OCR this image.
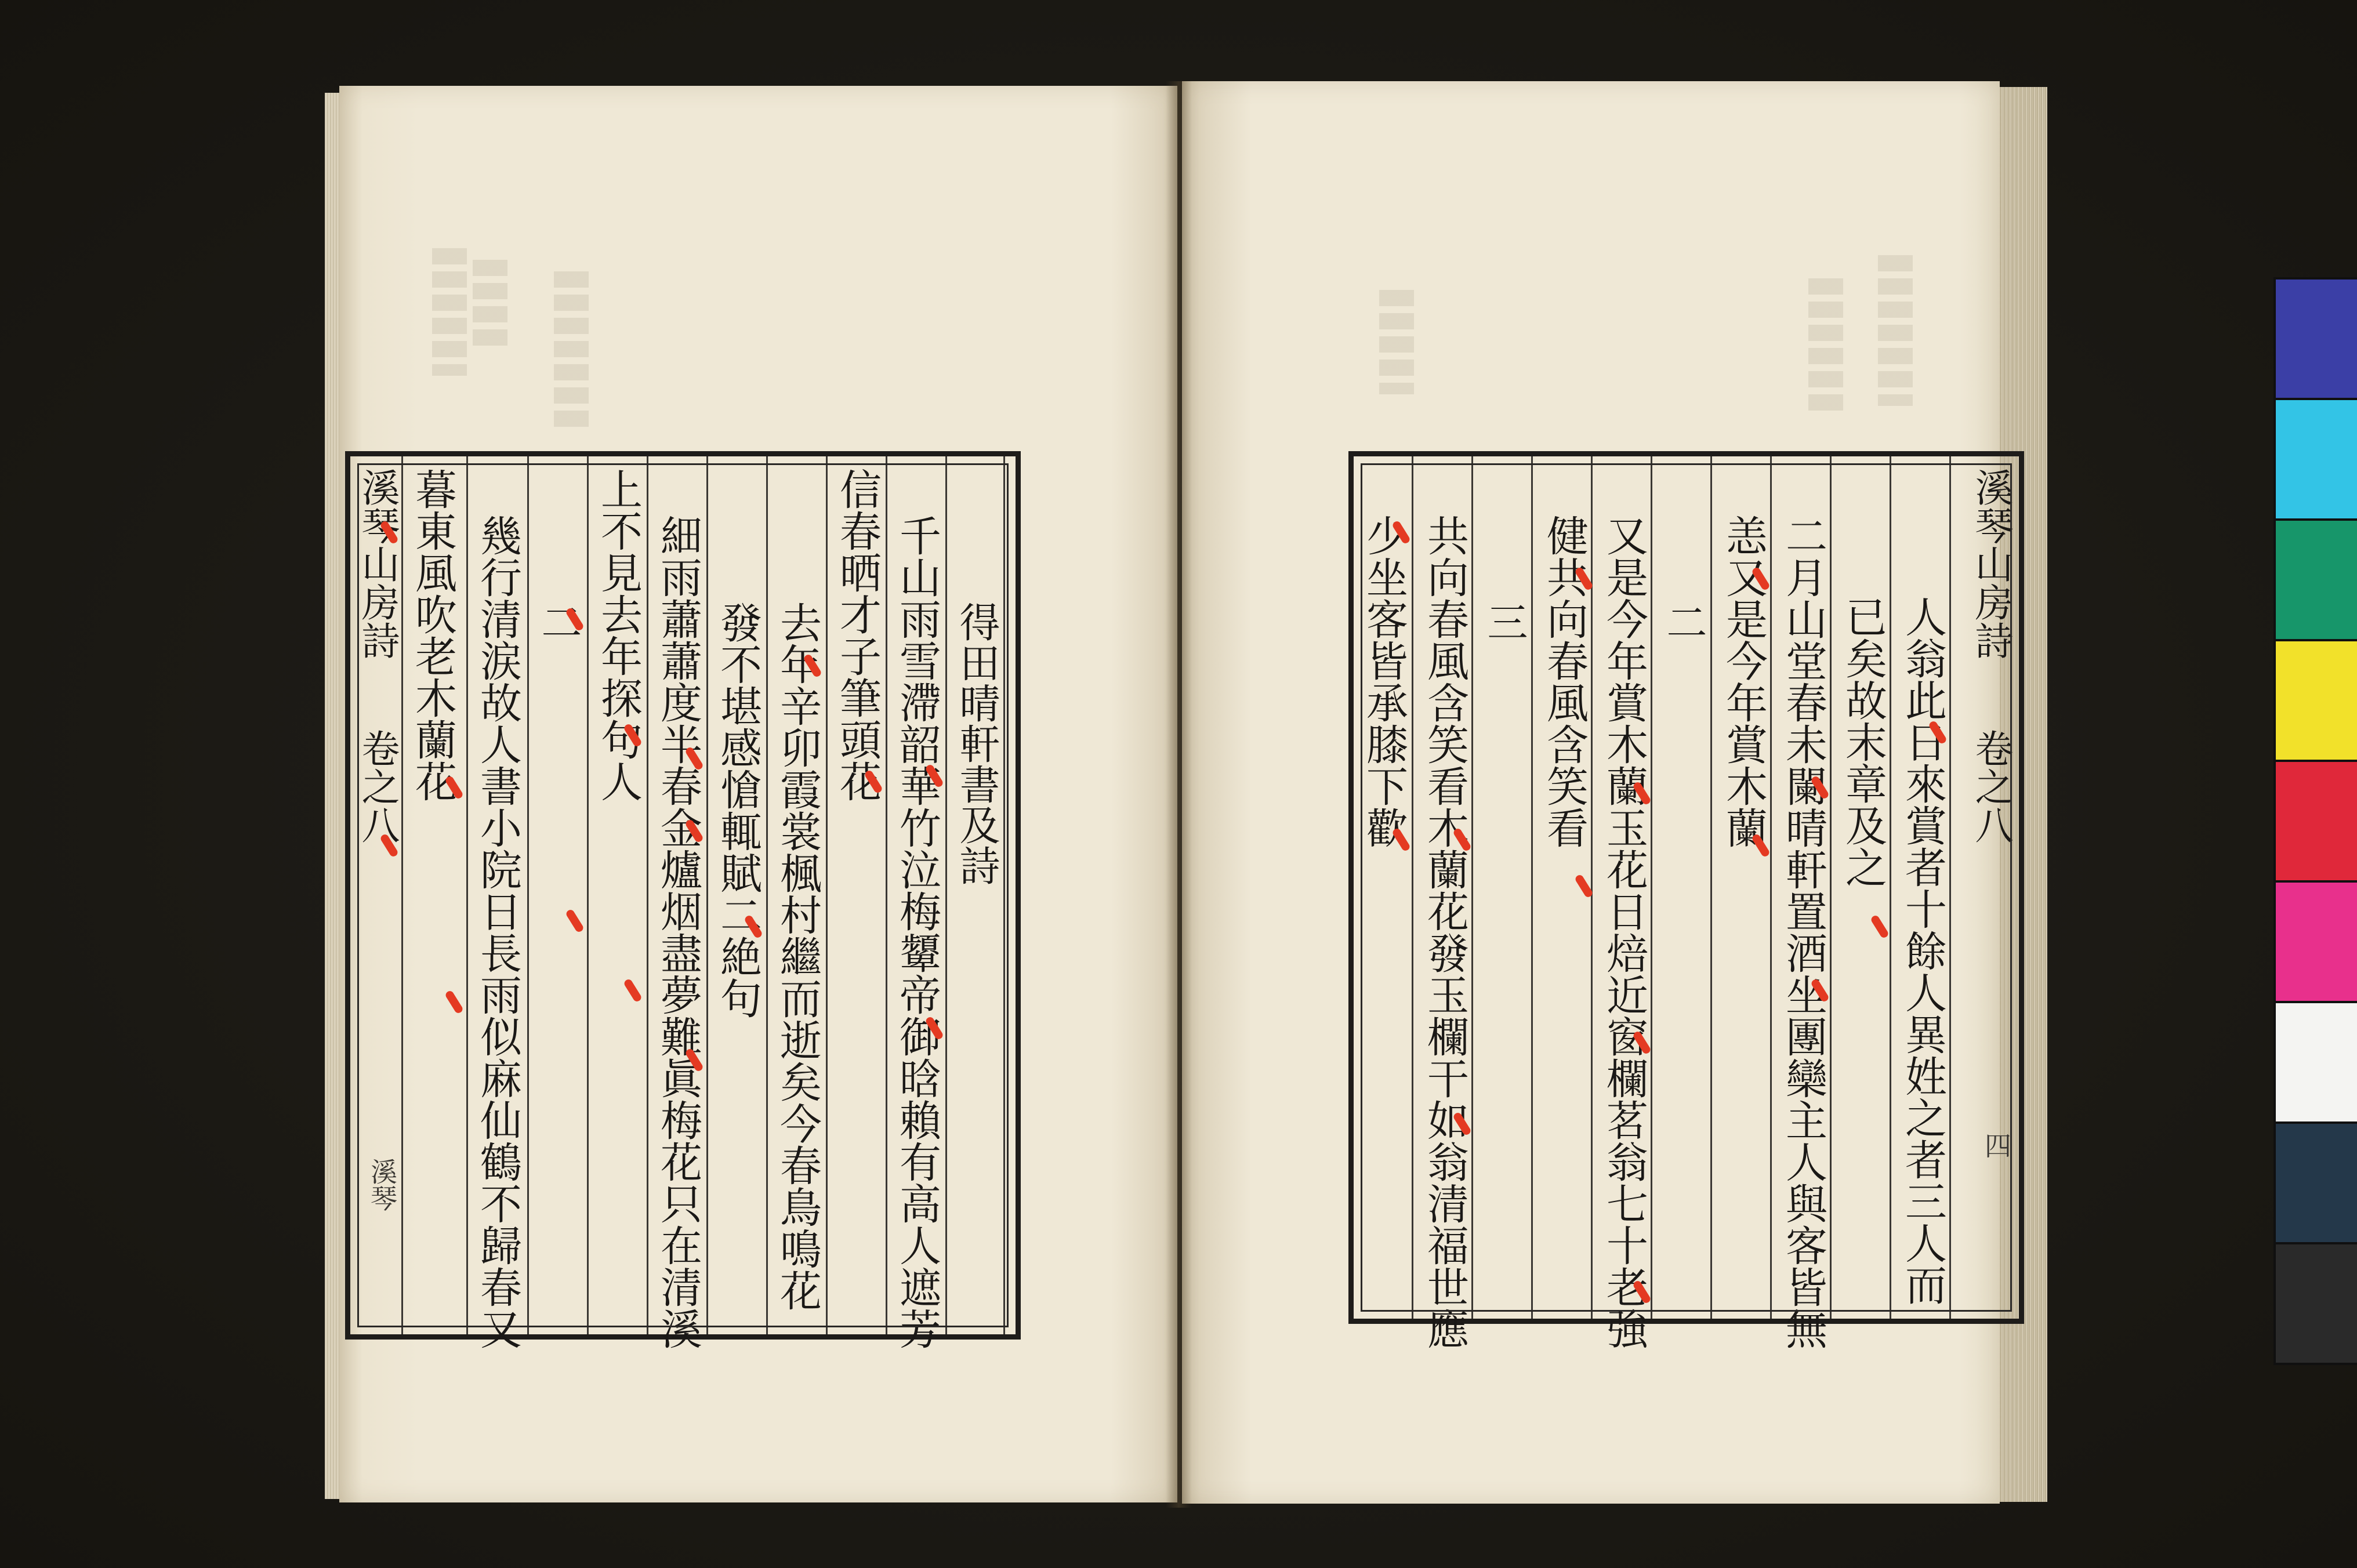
溪琴山房詩
卷之八
溪琴
得田晴軒書及詩
千山雨雪滯韶華竹泣梅顰帝御晗賴有高人遮芳
信春晒才子筆頭花
去年辛卯霞裳楓村繼而逝矣今春鳥鳴花
發不堪感愴輒賦二絶句
細雨蕭蕭度半春金爐烟盡夢難眞梅花只在清溪
上不見去年探句人
二
幾行清涙故人書小院日長雨似麻仙鶴不歸春又
暮東風吹老木蘭花	溪琴山房詩
卷之八
四
人翁此日來賞者十餘人異姓之者三人而
已矣故末章及之
二月山堂春未闌晴軒置酒坐團欒主人與客皆無
恙又是今年賞木蘭
二
又是今年賞木蘭玉花日焙近窗欄茗翁七十老強
健共向春風含笑看
三
共向春風含笑看木蘭花發玉欄干如翁清福世應
少坐客皆承膝下歡
